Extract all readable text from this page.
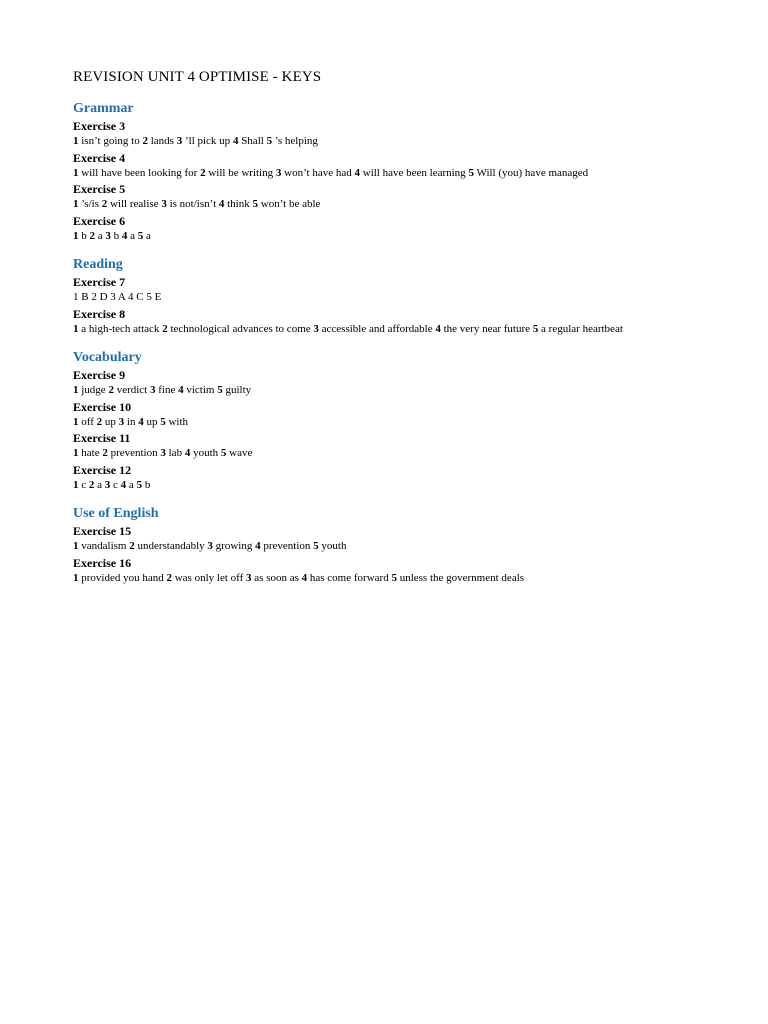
REVISION UNIT 4 OPTIMISE - KEYS
Grammar
Exercise 3
1 isn’t going to 2 lands 3 ’ll pick up 4 Shall 5 ’s helping
Exercise 4
1 will have been looking for 2 will be writing 3 won’t have had 4 will have been learning 5 Will (you) have managed
Exercise 5
1 ’s/is 2 will realise 3 is not/isn’t 4 think 5 won’t be able
Exercise 6
1 b 2 a 3 b 4 a 5 a
Reading
Exercise 7
1 B 2 D 3 A 4 C 5 E
Exercise 8
1 a high-tech attack 2 technological advances to come 3 accessible and affordable 4 the very near future 5 a regular heartbeat
Vocabulary
Exercise 9
1 judge 2 verdict 3 fine 4 victim 5 guilty
Exercise 10
1 off 2 up 3 in 4 up 5 with
Exercise 11
1 hate 2 prevention 3 lab 4 youth 5 wave
Exercise 12
1 c 2 a 3 c 4 a 5 b
Use of English
Exercise 15
1 vandalism 2 understandably 3 growing 4 prevention 5 youth
Exercise 16
1 provided you hand 2 was only let off 3 as soon as 4 has come forward 5 unless the government deals
